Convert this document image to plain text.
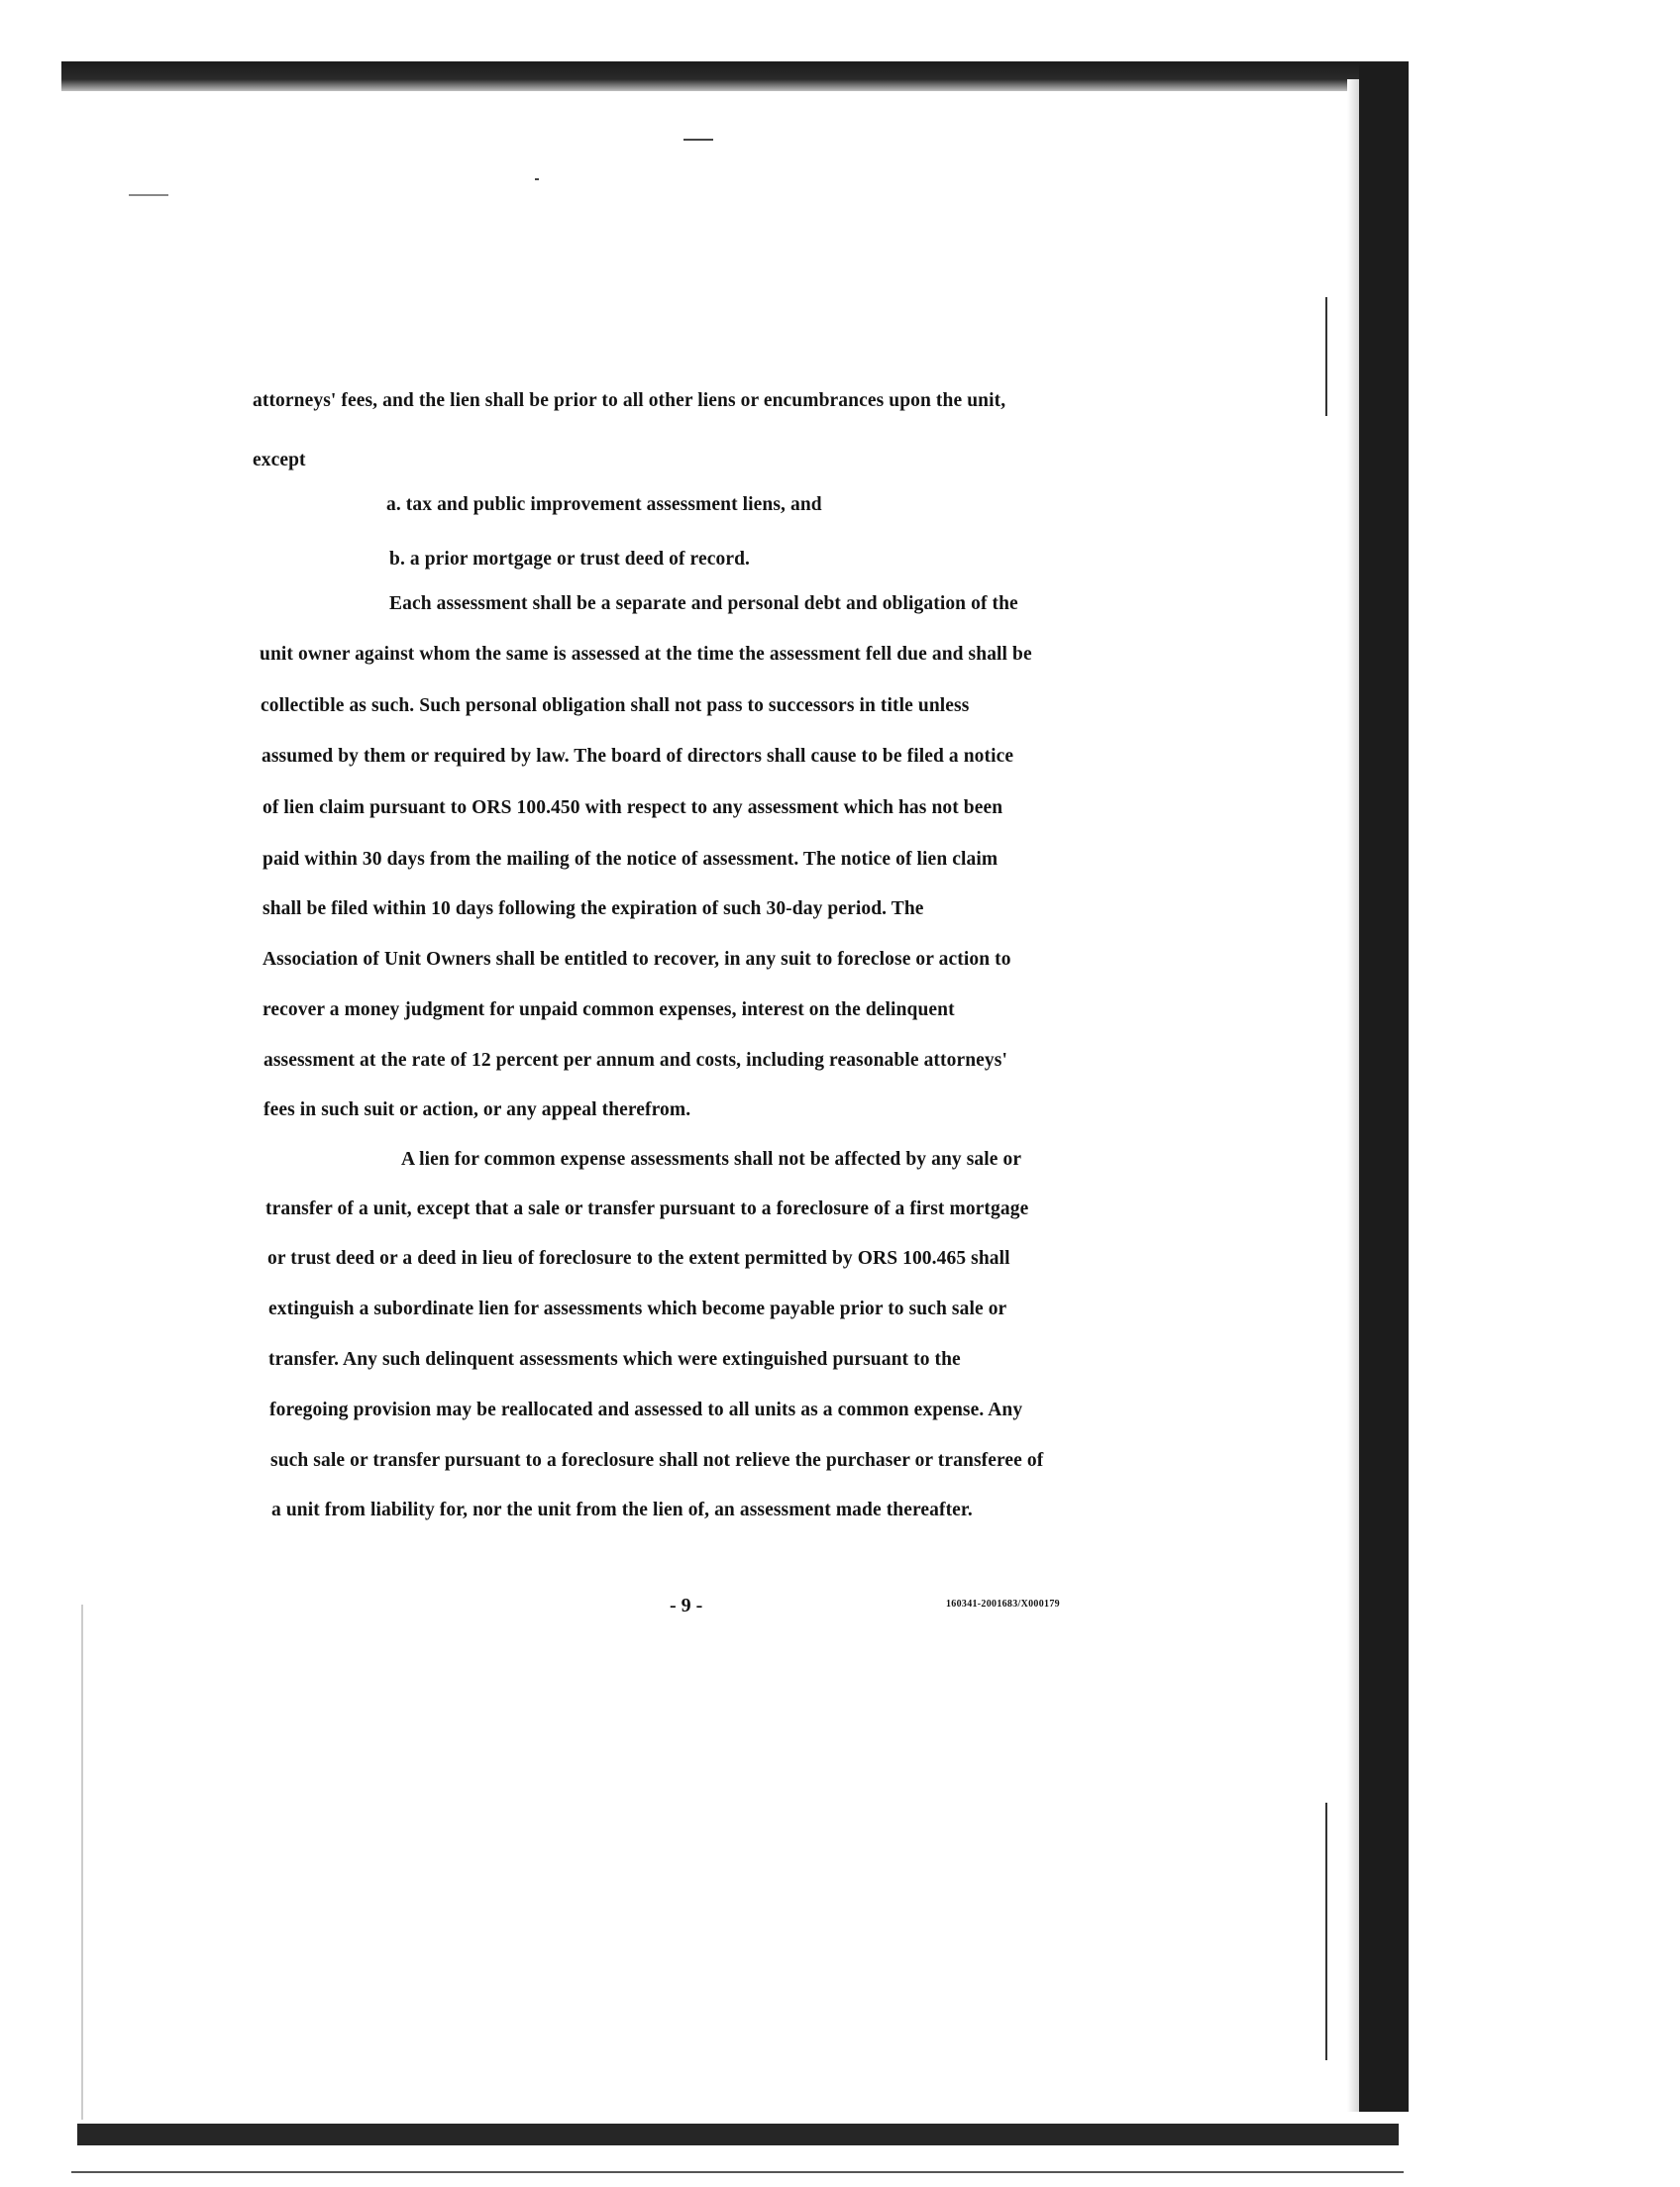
attorneys' fees, and the lien shall be prior to all other liens or encumbrances upon the unit,
except
a. tax and public improvement assessment liens, and
b. a prior mortgage or trust deed of record.
Each assessment shall be a separate and personal debt and obligation of the
unit owner against whom the same is assessed at the time the assessment fell due and shall be
collectible as such. Such personal obligation shall not pass to successors in title unless
assumed by them or required by law. The board of directors shall cause to be filed a notice
of lien claim pursuant to ORS 100.450 with respect to any assessment which has not been
paid within 30 days from the mailing of the notice of assessment. The notice of lien claim
shall be filed within 10 days following the expiration of such 30-day period. The
Association of Unit Owners shall be entitled to recover, in any suit to foreclose or action to
recover a money judgment for unpaid common expenses, interest on the delinquent
assessment at the rate of 12 percent per annum and costs, including reasonable attorneys'
fees in such suit or action, or any appeal therefrom.
A lien for common expense assessments shall not be affected by any sale or
transfer of a unit, except that a sale or transfer pursuant to a foreclosure of a first mortgage
or trust deed or a deed in lieu of foreclosure to the extent permitted by ORS 100.465 shall
extinguish a subordinate lien for assessments which become payable prior to such sale or
transfer. Any such delinquent assessments which were extinguished pursuant to the
foregoing provision may be reallocated and assessed to all units as a common expense. Any
such sale or transfer pursuant to a foreclosure shall not relieve the purchaser or transferee of
a unit from liability for, nor the unit from the lien of, an assessment made thereafter.
- 9 -	160341-2001683/X000179
